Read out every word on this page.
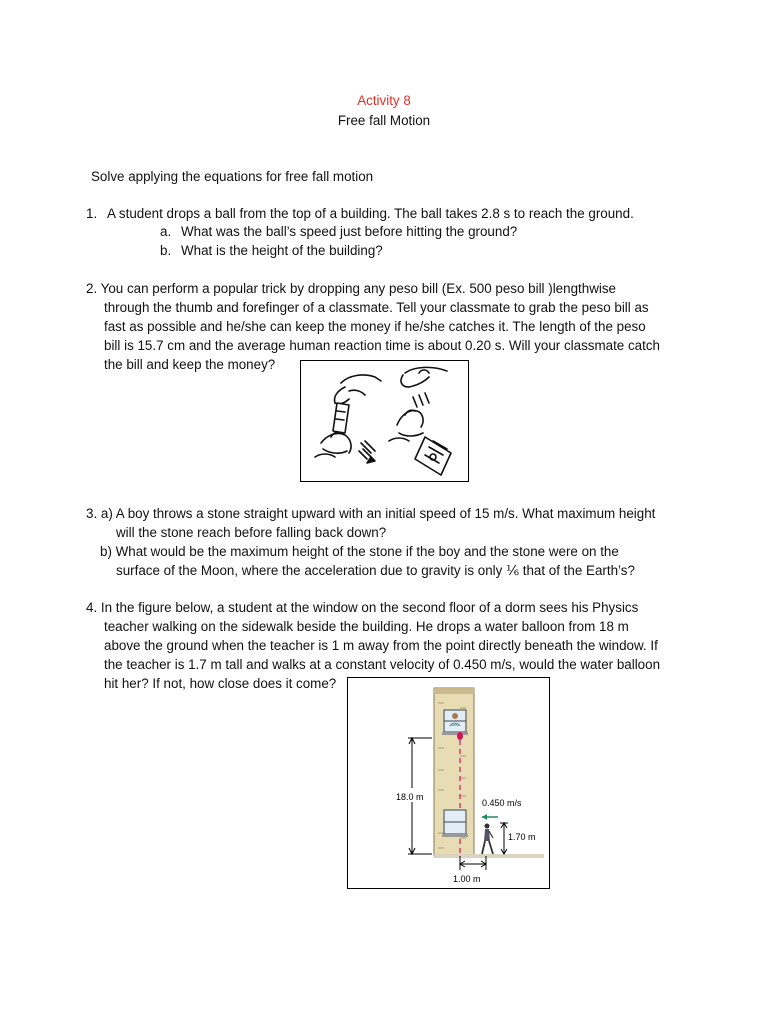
Activity 8
Free fall Motion
Solve applying the equations for free fall motion
1. A student drops a ball from the top of a building. The ball takes 2.8 s to reach the ground.
a. What was the ball’s speed just before hitting the ground?
b. What is the height of the building?
2. You can perform a popular trick by dropping any peso bill (Ex. 500 peso bill )lengthwise
through the thumb and forefinger of a classmate. Tell your classmate to grab the peso bill as
fast as possible and he/she can keep the money if he/she catches it. The length of the peso
bill is 15.7 cm and the average human reaction time is about 0.20 s. Will your classmate catch
the bill and keep the money?
3. a) A boy throws a stone straight upward with an initial speed of 15 m/s. What maximum height
will the stone reach before falling back down?
b) What would be the maximum height of the stone if the boy and the stone were on the
surface of the Moon, where the acceleration due to gravity is only ⅙ that of the Earth’s?
4. In the figure below, a student at the window on the second floor of a dorm sees his Physics
teacher walking on the sidewalk beside the building. He drops a water balloon from 18 m
above the ground when the teacher is 1 m away from the point directly beneath the window. If
the teacher is 1.7 m tall and walks at a constant velocity of 0.450 m/s, would the water balloon
hit her? If not, how close does it come?
18.0 m
0.450 m/s
1.70 m
1.00 m
